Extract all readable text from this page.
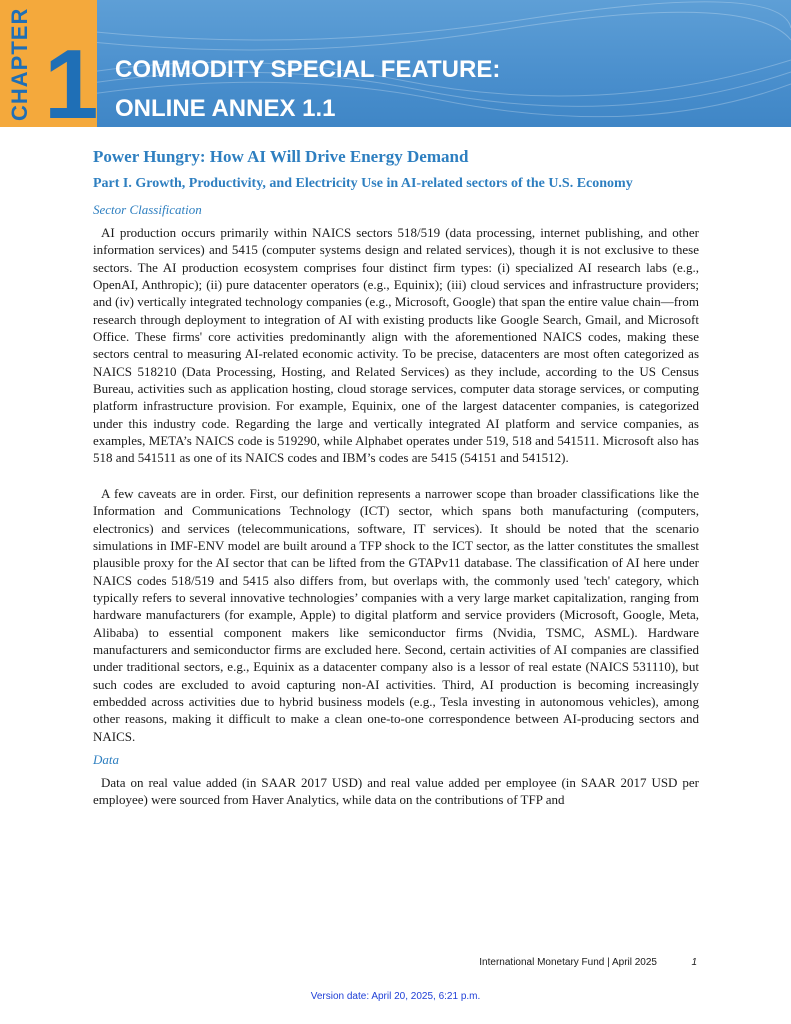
CHAPTER 1 COMMODITY SPECIAL FEATURE:
ONLINE ANNEX 1.1
Power Hungry: How AI Will Drive Energy Demand
Part I. Growth, Productivity, and Electricity Use in AI-related sectors of the U.S. Economy
Sector Classification

AI production occurs primarily within NAICS sectors 518/519 (data processing, internet publishing, and other information services) and 5415 (computer systems design and related services), though it is not exclusive to these sectors. The AI production ecosystem comprises four distinct firm types: (i) specialized AI research labs (e.g., OpenAI, Anthropic); (ii) pure datacenter operators (e.g., Equinix); (iii) cloud services and infrastructure providers; and (iv) vertically integrated technology companies (e.g., Microsoft, Google) that span the entire value chain—from research through deployment to integration of AI with existing products like Google Search, Gmail, and Microsoft Office. These firms' core activities predominantly align with the aforementioned NAICS codes, making these sectors central to measuring AI-related economic activity. To be precise, datacenters are most often categorized as NAICS 518210 (Data Processing, Hosting, and Related Services) as they include, according to the US Census Bureau, activities such as application hosting, cloud storage services, computer data storage services, or computing platform infrastructure provision. For example, Equinix, one of the largest datacenter companies, is categorized under this industry code. Regarding the large and vertically integrated AI platform and service companies, as examples, META’s NAICS code is 519290, while Alphabet operates under 519, 518 and 541511. Microsoft also has 518 and 541511 as one of its NAICS codes and IBM’s codes are 5415 (54151 and 541512).

A few caveats are in order. First, our definition represents a narrower scope than broader classifications like the Information and Communications Technology (ICT) sector, which spans both manufacturing (computers, electronics) and services (telecommunications, software, IT services). It should be noted that the scenario simulations in IMF-ENV model are built around a TFP shock to the ICT sector, as the latter constitutes the smallest plausible proxy for the AI sector that can be lifted from the GTAPv11 database. The classification of AI here under NAICS codes 518/519 and 5415 also differs from, but overlaps with, the commonly used 'tech' category, which typically refers to several innovative technologies’ companies with a very large market capitalization, ranging from hardware manufacturers (for example, Apple) to digital platform and service providers (Microsoft, Google, Meta, Alibaba) to essential component makers like semiconductor firms (Nvidia, TSMC, ASML). Hardware manufacturers and semiconductor firms are excluded here. Second, certain activities of AI companies are classified under traditional sectors, e.g., Equinix as a datacenter company also is a lessor of real estate (NAICS 531110), but such codes are excluded to avoid capturing non-AI activities. Third, AI production is becoming increasingly embedded across activities due to hybrid business models (e.g., Tesla investing in autonomous vehicles), among other reasons, making it difficult to make a clean one-to-one correspondence between AI-producing sectors and NAICS.

Data

Data on real value added (in SAAR 2017 USD) and real value added per employee (in SAAR 2017 USD per employee) were sourced from Haver Analytics, while data on the contributions of TFP and

International Monetary Fund | April 2025	1
Version date: April 20, 2025, 6:21 p.m.
